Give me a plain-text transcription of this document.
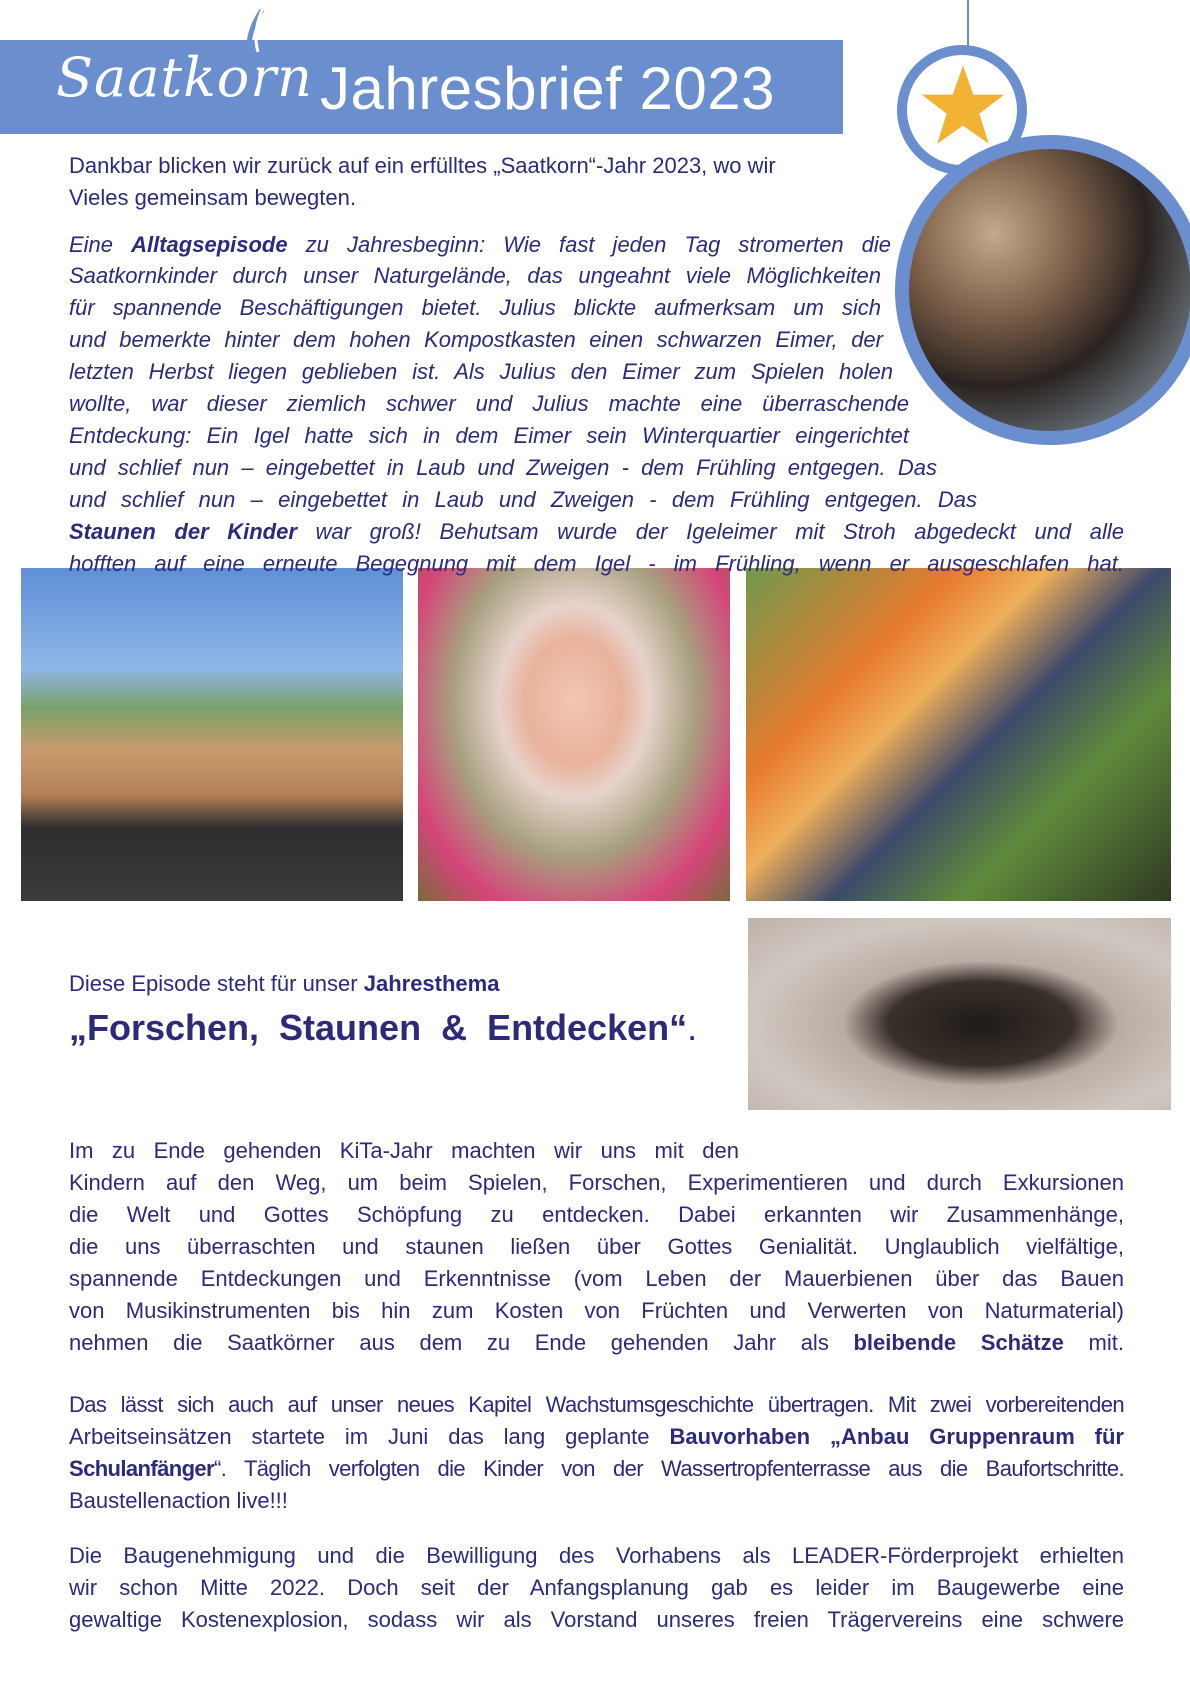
Saatkorn Jahresbrief 2023
Dankbar blicken wir zurück auf ein erfülltes „Saatkorn“-Jahr 2023, wo wir
Vieles gemeinsam bewegten.
Eine Alltagsepisode zu Jahresbeginn: Wie fast jeden Tag stromerten die
Saatkornkinder durch unser Naturgelände, das ungeahnt viele Möglichkeiten
für spannende Beschäftigungen bietet. Julius blickte aufmerksam um sich
und bemerkte hinter dem hohen Kompostkasten einen schwarzen Eimer, der
letzten Herbst liegen geblieben ist. Als Julius den Eimer zum Spielen holen
wollte, war dieser ziemlich schwer und Julius machte eine überraschende
Entdeckung: Ein Igel hatte sich in dem Eimer sein Winterquartier eingerichtet
und schlief nun – eingebettet in Laub und Zweigen - dem Frühling entgegen. Das
und schlief nun – eingebettet in Laub und Zweigen - dem Frühling entgegen. Das
Staunen der Kinder war groß! Behutsam wurde der Igeleimer mit Stroh abgedeckt und alle
hofften auf eine erneute Begegnung mit dem Igel - im Frühling, wenn er ausgeschlafen hat.
Diese Episode steht für unser Jahresthema
„Forschen, Staunen & Entdecken“.
Im zu Ende gehenden KiTa-Jahr machten wir uns mit den
Kindern auf den Weg, um beim Spielen, Forschen, Experimentieren und durch Exkursionen
die Welt und Gottes Schöpfung zu entdecken. Dabei erkannten wir Zusammenhänge,
die uns überraschten und staunen ließen über Gottes Genialität. Unglaublich vielfältige,
spannende Entdeckungen und Erkenntnisse (vom Leben der Mauerbienen über das Bauen
von Musikinstrumenten bis hin zum Kosten von Früchten und Verwerten von Naturmaterial)
nehmen die Saatkörner aus dem zu Ende gehenden Jahr als bleibende Schätze mit.
Das lässt sich auch auf unser neues Kapitel Wachstumsgeschichte übertragen. Mit zwei vorbereitenden
Arbeitseinsätzen startete im Juni das lang geplante Bauvorhaben „Anbau Gruppenraum für
Schulanfänger“. Täglich verfolgten die Kinder von der Wassertropfenterrasse aus die Baufortschritte.
Baustellenaction live!!!
Die Baugenehmigung und die Bewilligung des Vorhabens als LEADER-Förderprojekt erhielten
wir schon Mitte 2022. Doch seit der Anfangsplanung gab es leider im Baugewerbe eine
gewaltige Kostenexplosion, sodass wir als Vorstand unseres freien Trägervereins eine schwere
